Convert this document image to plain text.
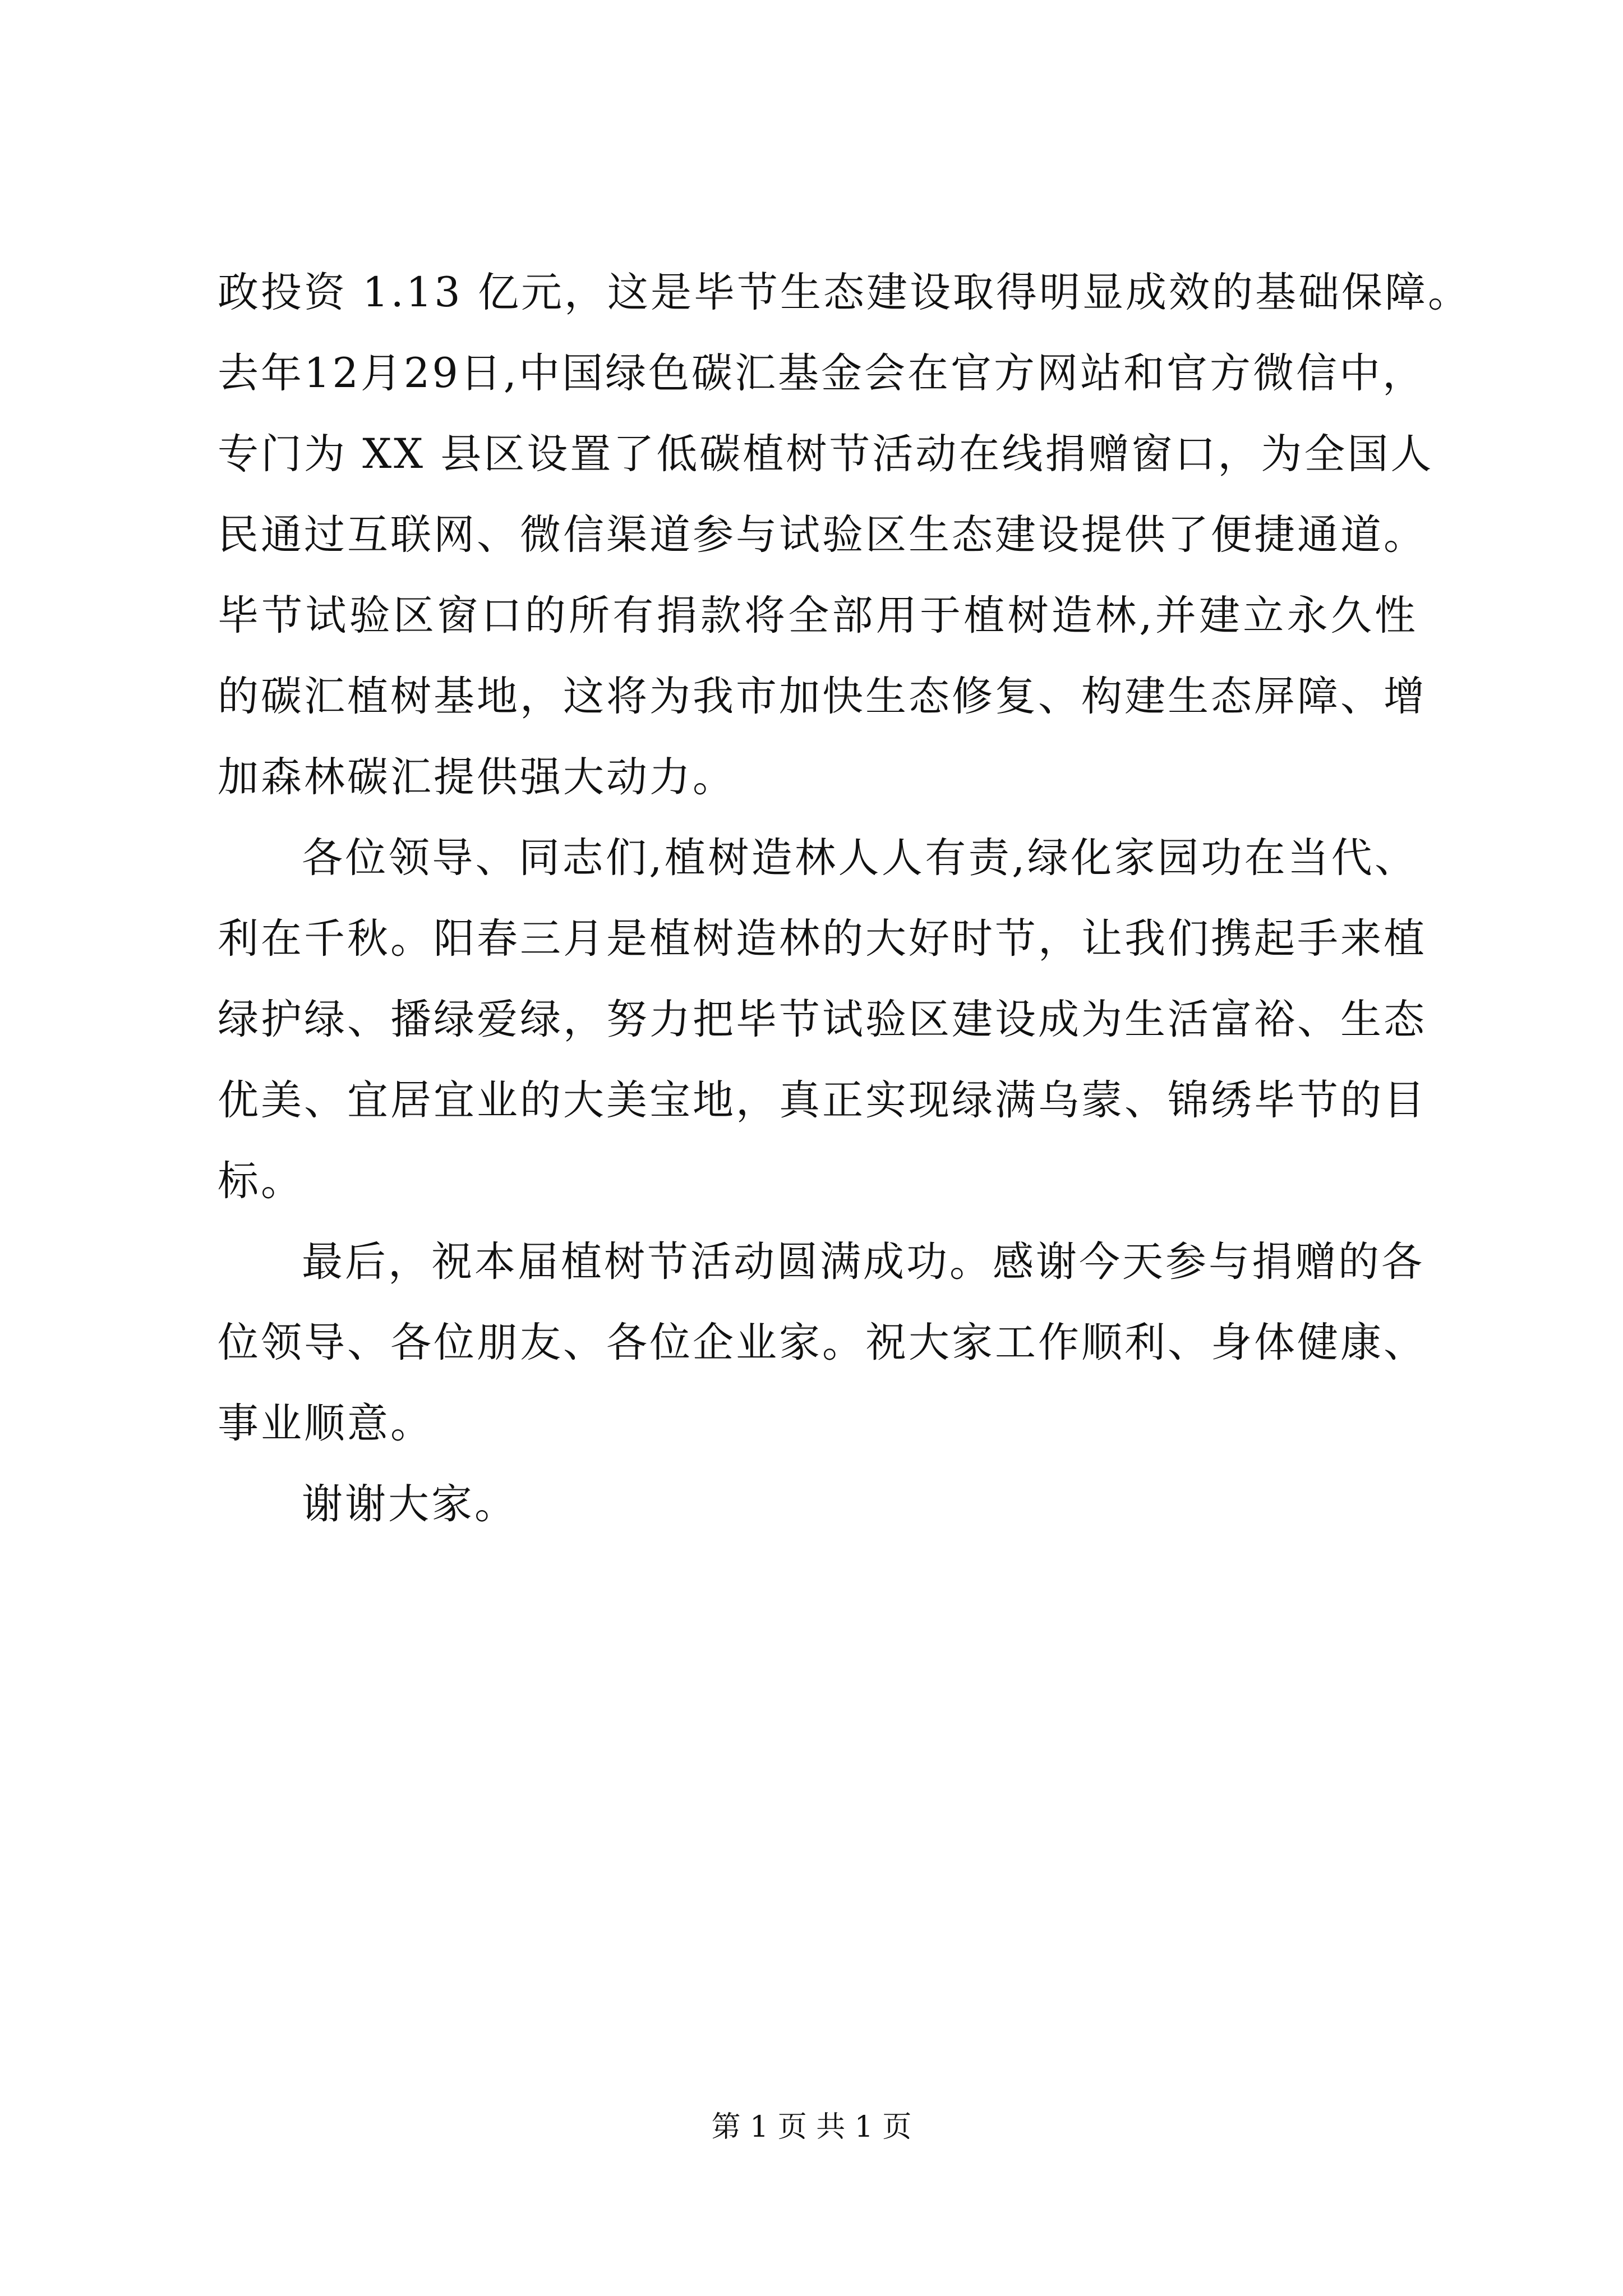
政投资 1.13 亿元，这是毕节生态建设取得明显成效的基础保障。
去年12月29日,中国绿色碳汇基金会在官方网站和官方微信中，
专门为 XX 县区设置了低碳植树节活动在线捐赠窗口，为全国人
民通过互联网、微信渠道参与试验区生态建设提供了便捷通道。
毕节试验区窗口的所有捐款将全部用于植树造林,并建立永久性
的碳汇植树基地，这将为我市加快生态修复、构建生态屏障、增
加森林碳汇提供强大动力。
各位领导、同志们,植树造林人人有责,绿化家园功在当代、
利在千秋。阳春三月是植树造林的大好时节，让我们携起手来植
绿护绿、播绿爱绿，努力把毕节试验区建设成为生活富裕、生态
优美、宜居宜业的大美宝地，真正实现绿满乌蒙、锦绣毕节的目
标。
最后，祝本届植树节活动圆满成功。感谢今天参与捐赠的各
位领导、各位朋友、各位企业家。祝大家工作顺利、身体健康、
事业顺意。
谢谢大家。
第 1 页 共 1 页
